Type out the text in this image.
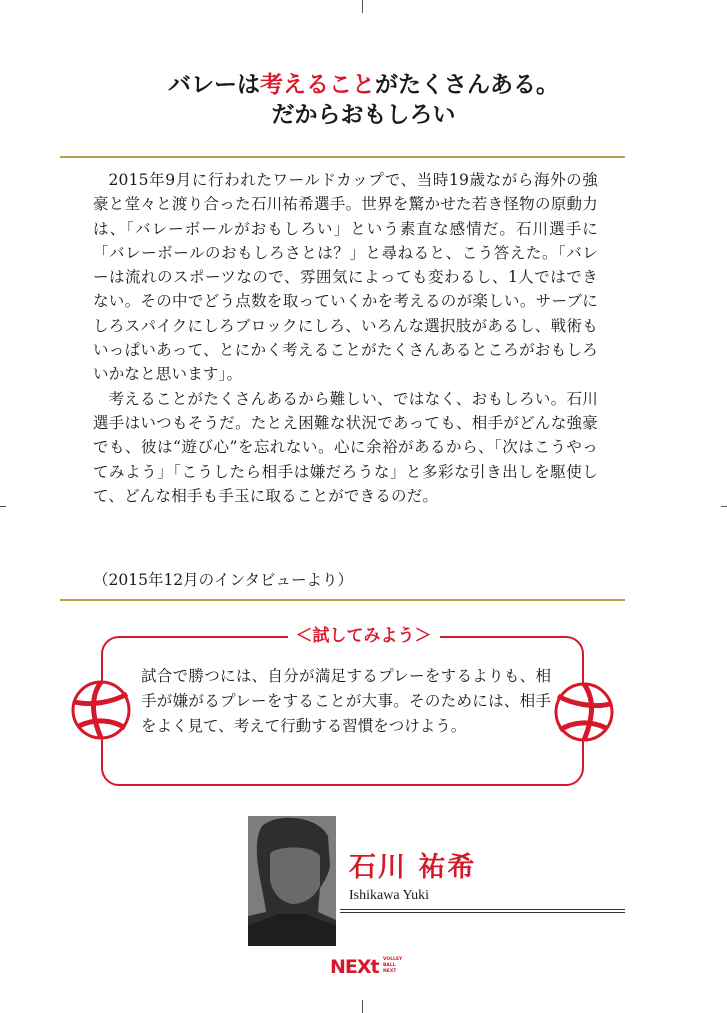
バレーは考えることがたくさんある。
だからおもしろい

2015年9月に行われたワールドカップで、当時19歳ながら海外の強豪と堂々と渡り合った石川祐希選手。世界を驚かせた若き怪物の原動力は、「バレーボールがおもしろい」という素直な感情だ。石川選手に「バレーボールのおもしろさとは？」と尋ねると、こう答えた。「バレーは流れのスポーツなので、雰囲気によっても変わるし、1人ではできない。その中でどう点数を取っていくかを考えるのが楽しい。サーブにしろスパイクにしろブロックにしろ、いろんな選択肢があるし、戦術もいっぱいあって、とにかく考えることがたくさんあるところがおもしろいかなと思います」。

考えることがたくさんあるから難しい、ではなく、おもしろい。石川選手はいつもそうだ。たとえ困難な状況であっても、相手がどんな強豪でも、彼は“遊び心”を忘れない。心に余裕があるから、「次はこうやってみよう」「こうしたら相手は嫌だろうな」と多彩な引き出しを駆使して、どんな相手も手玉に取ることができるのだ。

（2015年12月のインタビューより）
＜試してみよう＞
試合で勝つには、自分が満足するプレーをするよりも、相手が嫌がるプレーをすることが大事。そのためには、相手をよく見て、考えて行動する習慣をつけよう。
石川 祐希
Ishikawa Yuki
NEXt VOLLEY BALL NEXT
